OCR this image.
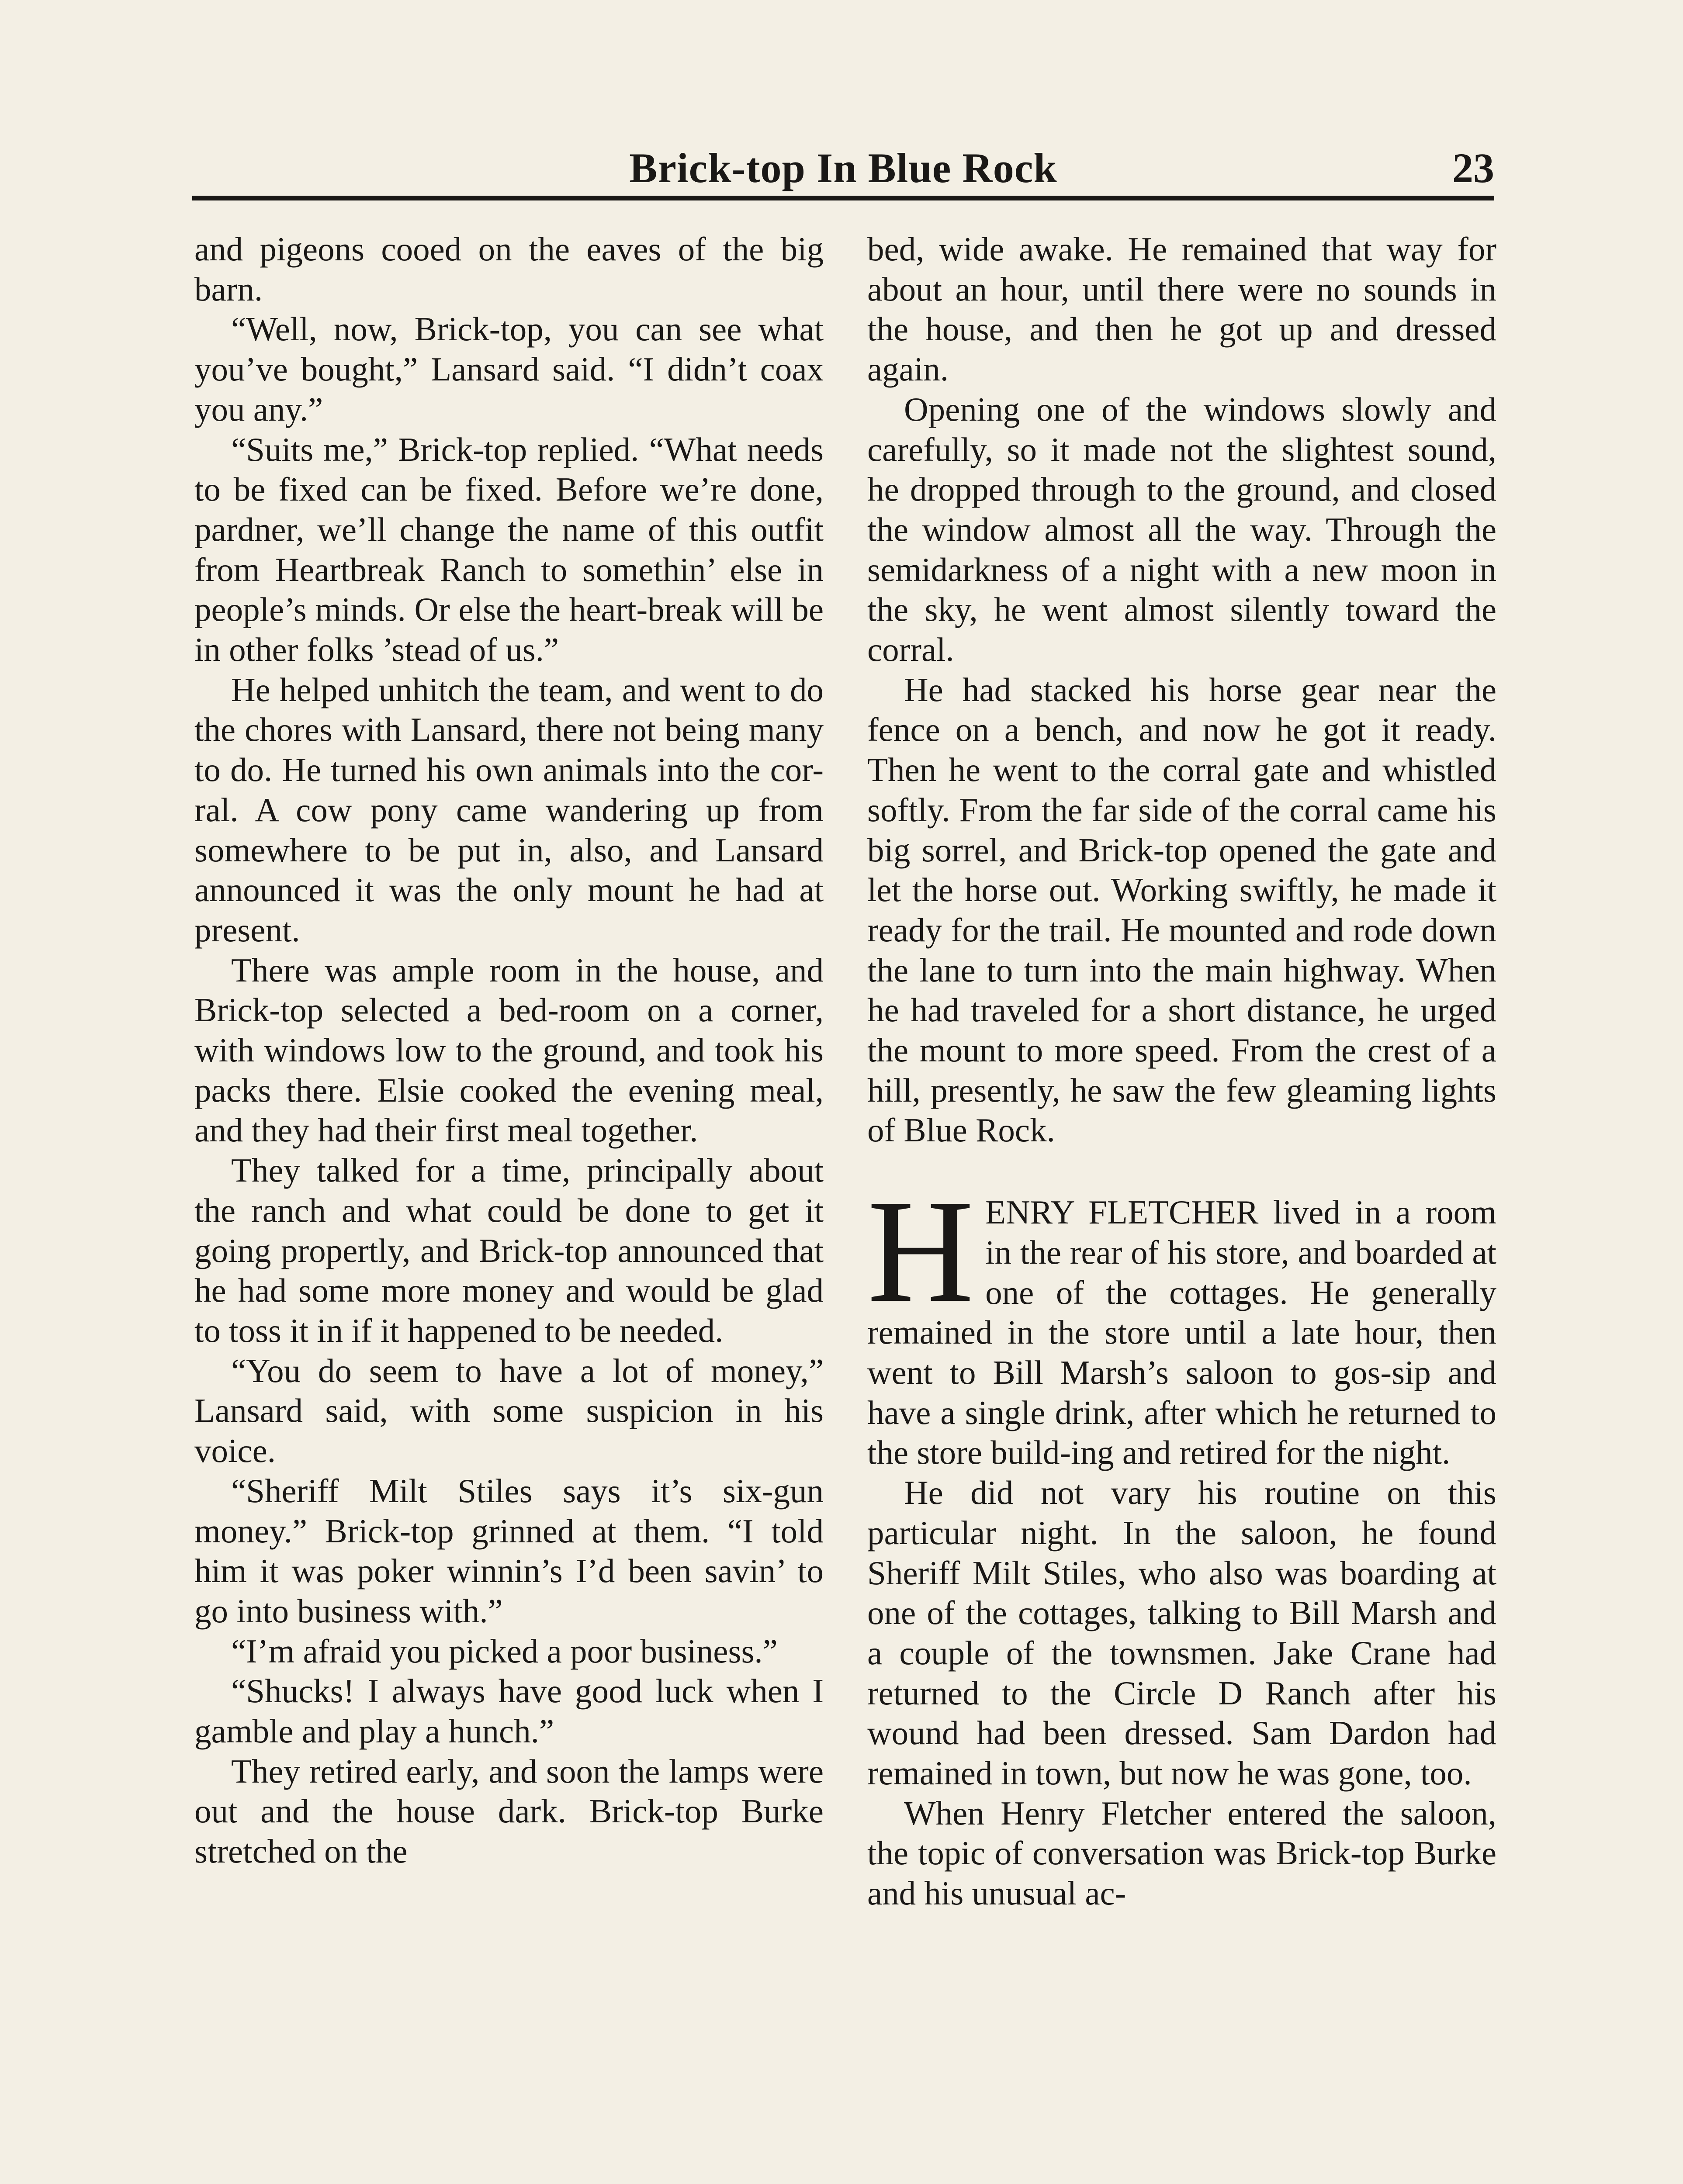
Brick-top In Blue Rock	23

and pigeons cooed on the eaves of the big barn.

“Well, now, Brick-top, you can see what you’ve bought,” Lansard said. “I didn’t coax you any.”

“Suits me,” Brick-top replied. “What needs to be fixed can be fixed. Before we’re done, pardner, we’ll change the name of this outfit from Heartbreak Ranch to somethin’ else in people’s minds. Or else the heart-break will be in other folks ’stead of us.”

He helped unhitch the team, and went to do the chores with Lansard, there not being many to do. He turned his own animals into the cor-ral. A cow pony came wandering up from somewhere to be put in, also, and Lansard announced it was the only mount he had at present.

There was ample room in the house, and Brick-top selected a bed-room on a corner, with windows low to the ground, and took his packs there. Elsie cooked the evening meal, and they had their first meal together.

They talked for a time, principally about the ranch and what could be done to get it going propertly, and Brick-top announced that he had some more money and would be glad to toss it in if it happened to be needed.

“You do seem to have a lot of money,” Lansard said, with some suspicion in his voice.

“Sheriff Milt Stiles says it’s six-gun money.” Brick-top grinned at them. “I told him it was poker winnin’s I’d been savin’ to go into business with.”

“I’m afraid you picked a poor business.”

“Shucks! I always have good luck when I gamble and play a hunch.”

They retired early, and soon the lamps were out and the house dark. Brick-top Burke stretched on the

bed, wide awake. He remained that way for about an hour, until there were no sounds in the house, and then he got up and dressed again.

Opening one of the windows slowly and carefully, so it made not the slightest sound, he dropped through to the ground, and closed the window almost all the way. Through the semidarkness of a night with a new moon in the sky, he went almost silently toward the corral.

He had stacked his horse gear near the fence on a bench, and now he got it ready. Then he went to the corral gate and whistled softly. From the far side of the corral came his big sorrel, and Brick-top opened the gate and let the horse out. Working swiftly, he made it ready for the trail. He mounted and rode down the lane to turn into the main highway. When he had traveled for a short distance, he urged the mount to more speed. From the crest of a hill, presently, he saw the few gleaming lights of Blue Rock.

HENRY FLETCHER lived in a room in the rear of his store, and boarded at one of the cottages. He generally remained in the store until a late hour, then went to Bill Marsh’s saloon to gos-sip and have a single drink, after which he returned to the store build-ing and retired for the night.

He did not vary his routine on this particular night. In the saloon, he found Sheriff Milt Stiles, who also was boarding at one of the cottages, talking to Bill Marsh and a couple of the townsmen. Jake Crane had returned to the Circle D Ranch after his wound had been dressed. Sam Dardon had remained in town, but now he was gone, too.

When Henry Fletcher entered the saloon, the topic of conversation was Brick-top Burke and his unusual ac-
